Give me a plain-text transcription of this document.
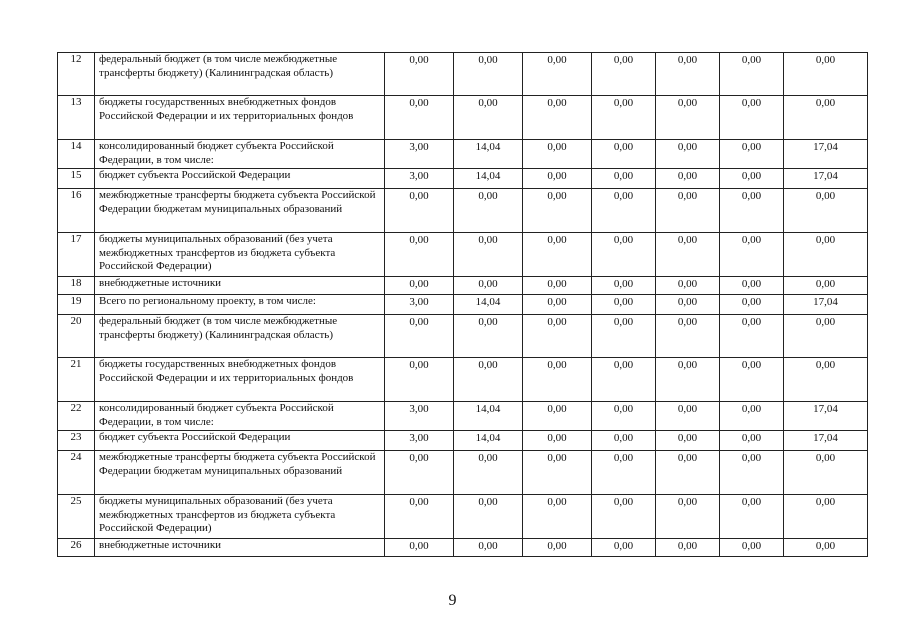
12	федеральный бюджет (в том числе межбюджетные трансферты бюджету) (Калининградская область)	0,00	0,00	0,00	0,00	0,00	0,00	0,00
13	бюджеты государственных внебюджетных фондов Российской Федерации и их территориальных фондов	0,00	0,00	0,00	0,00	0,00	0,00	0,00
14	консолидированный бюджет субъекта Российской Федерации, в том числе:	3,00	14,04	0,00	0,00	0,00	0,00	17,04
15	бюджет субъекта Российской Федерации	3,00	14,04	0,00	0,00	0,00	0,00	17,04
16	межбюджетные трансферты бюджета субъекта Российской Федерации бюджетам муниципальных образований	0,00	0,00	0,00	0,00	0,00	0,00	0,00
17	бюджеты муниципальных образований (без учета межбюджетных трансфертов из бюджета субъекта Российской Федерации)	0,00	0,00	0,00	0,00	0,00	0,00	0,00
18	внебюджетные источники	0,00	0,00	0,00	0,00	0,00	0,00	0,00
19	Всего по региональному проекту, в том числе:	3,00	14,04	0,00	0,00	0,00	0,00	17,04
20	федеральный бюджет (в том числе межбюджетные трансферты бюджету) (Калининградская область)	0,00	0,00	0,00	0,00	0,00	0,00	0,00
21	бюджеты государственных внебюджетных фондов Российской Федерации и их территориальных фондов	0,00	0,00	0,00	0,00	0,00	0,00	0,00
22	консолидированный бюджет субъекта Российской Федерации, в том числе:	3,00	14,04	0,00	0,00	0,00	0,00	17,04
23	бюджет субъекта Российской Федерации	3,00	14,04	0,00	0,00	0,00	0,00	17,04
24	межбюджетные трансферты бюджета субъекта Российской Федерации бюджетам муниципальных образований	0,00	0,00	0,00	0,00	0,00	0,00	0,00
25	бюджеты муниципальных образований (без учета межбюджетных трансфертов из бюджета субъекта Российской Федерации)	0,00	0,00	0,00	0,00	0,00	0,00	0,00
26	внебюджетные источники	0,00	0,00	0,00	0,00	0,00	0,00	0,00
9
